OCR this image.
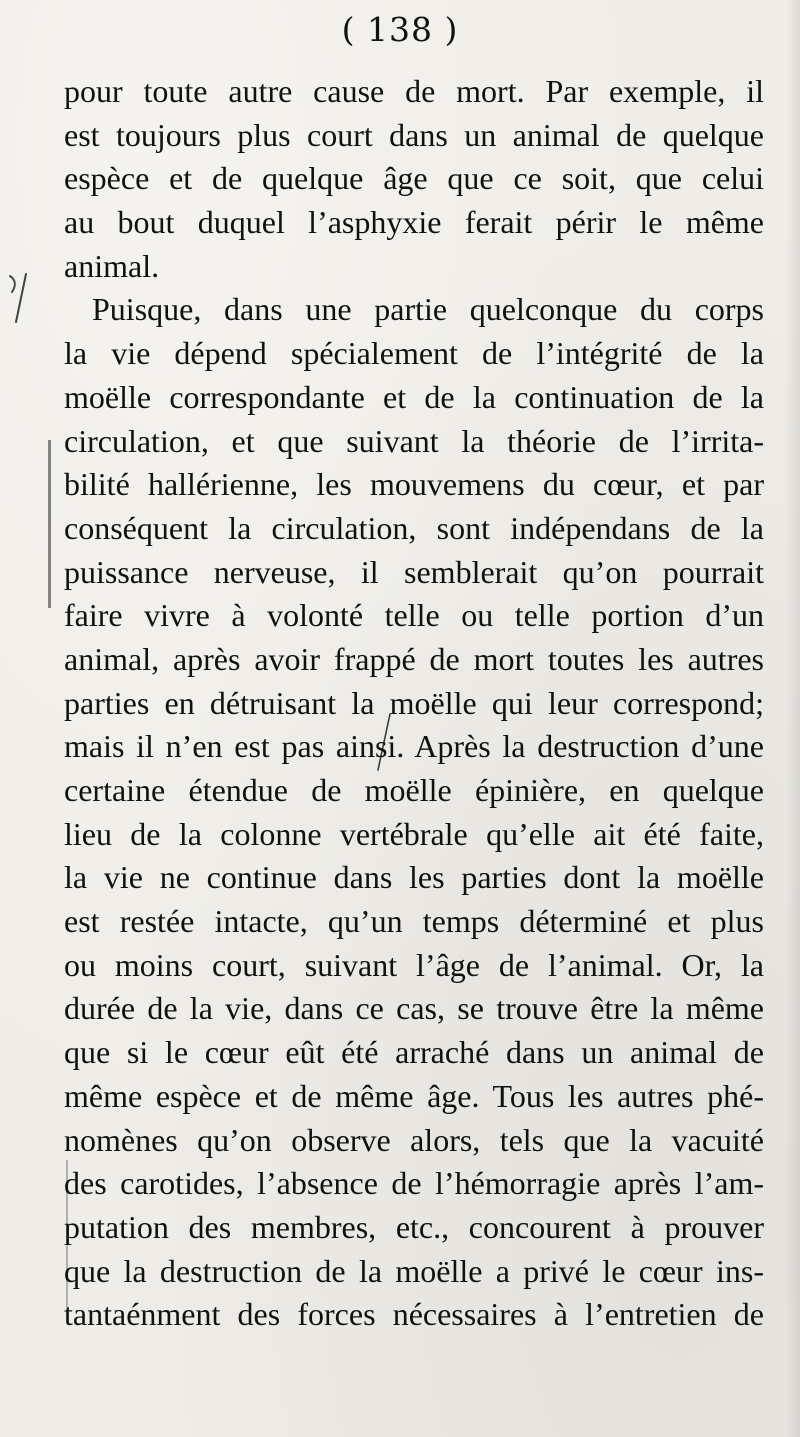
( 138 )
pour toute autre cause de mort. Par exemple, il
est toujours plus court dans un animal de quelque
espèce et de quelque âge que ce soit, que celui
au bout duquel l’asphyxie ferait périr le même
animal.
Puisque, dans une partie quelconque du corps
la vie dépend spécialement de l’intégrité de la
moëlle correspondante et de la continuation de la
circulation, et que suivant la théorie de l’irrita-
bilité hallérienne, les mouvemens du cœur, et par
conséquent la circulation, sont indépendans de la
puissance nerveuse, il semblerait qu’on pourrait
faire vivre à volonté telle ou telle portion d’un
animal, après avoir frappé de mort toutes les autres
parties en détruisant la moëlle qui leur correspond;
mais il n’en est pas ainsi. Après la destruction d’une
certaine étendue de moëlle épinière, en quelque
lieu de la colonne vertébrale qu’elle ait été faite,
la vie ne continue dans les parties dont la moëlle
est restée intacte, qu’un temps déterminé et plus
ou moins court, suivant l’âge de l’animal. Or, la
durée de la vie, dans ce cas, se trouve être la même
que si le cœur eût été arraché dans un animal de
même espèce et de même âge. Tous les autres phé-
nomènes qu’on observe alors, tels que la vacuité
des carotides, l’absence de l’hémorragie après l’am-
putation des membres, etc., concourent à prouver
que la destruction de la moëlle a privé le cœur ins-
tantaénment des forces nécessaires à l’entretien de
